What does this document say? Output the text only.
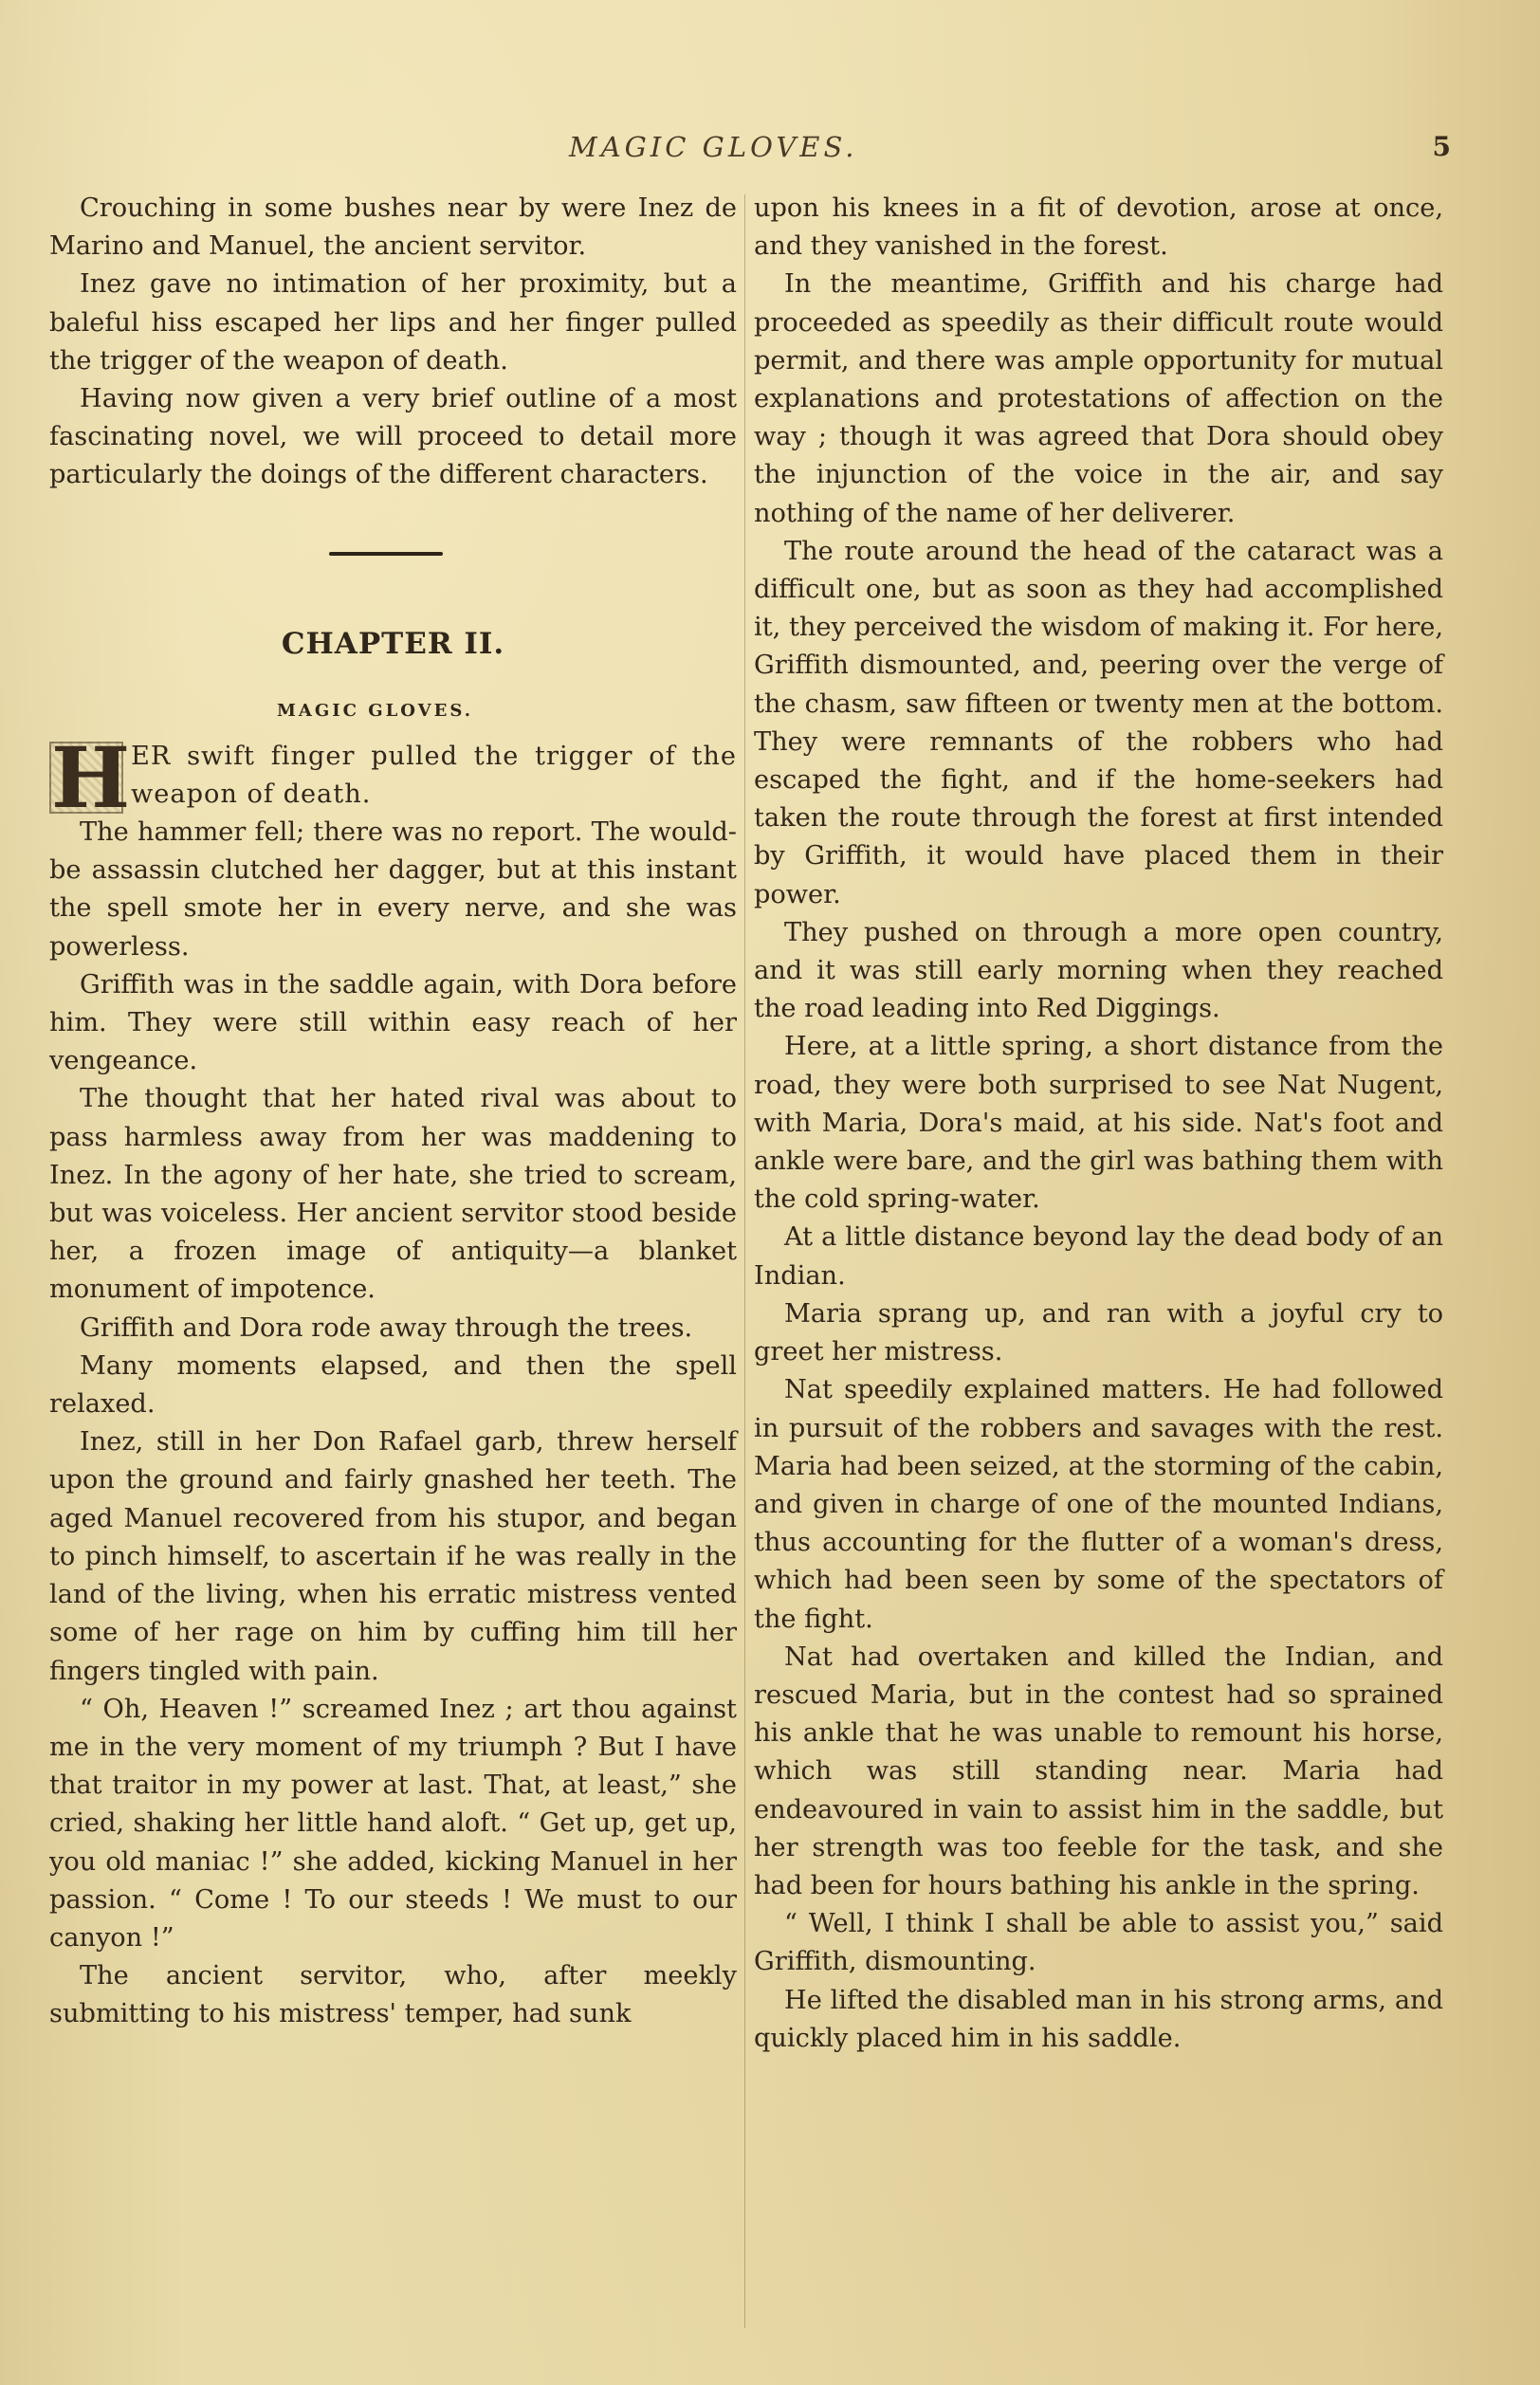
MAGIC GLOVES.	5

Crouching in some bushes near by were Inez de Marino and Manuel, the ancient servitor.

Inez gave no intimation of her proximity, but a baleful hiss escaped her lips and her finger pulled the trigger of the weapon of death.

Having now given a very brief outline of a most fascinating novel, we will proceed to detail more particularly the doings of the different characters.

CHAPTER II.
MAGIC GLOVES.

H ER swift finger pulled the trigger of the weapon of death.

The hammer fell; there was no report. The would-be assassin clutched her dagger, but at this instant the spell smote her in every nerve, and she was powerless.

Griffith was in the saddle again, with Dora before him. They were still within easy reach of her vengeance.

The thought that her hated rival was about to pass harmless away from her was maddening to Inez. In the agony of her hate, she tried to scream, but was voiceless. Her ancient servitor stood beside her, a frozen image of antiquity—a blanket monument of impotence.

Griffith and Dora rode away through the trees.

Many moments elapsed, and then the spell relaxed.

Inez, still in her Don Rafael garb, threw herself upon the ground and fairly gnashed her teeth. The aged Manuel recovered from his stupor, and began to pinch himself, to ascertain if he was really in the land of the living, when his erratic mistress vented some of her rage on him by cuffing him till her fingers tingled with pain.

“ Oh, Heaven !” screamed Inez ; art thou against me in the very moment of my triumph ? But I have that traitor in my power at last. That, at least,” she cried, shaking her little hand aloft. “ Get up, get up, you old maniac !” she added, kicking Manuel in her passion. “ Come ! To our steeds ! We must to our canyon !”

The ancient servitor, who, after meekly submitting to his mistress' temper, had sunk

upon his knees in a fit of devotion, arose at once, and they vanished in the forest.

In the meantime, Griffith and his charge had proceeded as speedily as their difficult route would permit, and there was ample opportunity for mutual explanations and protestations of affection on the way ; though it was agreed that Dora should obey the injunction of the voice in the air, and say nothing of the name of her deliverer.

The route around the head of the cataract was a difficult one, but as soon as they had accomplished it, they perceived the wisdom of making it. For here, Griffith dismounted, and, peering over the verge of the chasm, saw fifteen or twenty men at the bottom. They were remnants of the robbers who had escaped the fight, and if the home-seekers had taken the route through the forest at first intended by Griffith, it would have placed them in their power.

They pushed on through a more open country, and it was still early morning when they reached the road leading into Red Diggings.

Here, at a little spring, a short distance from the road, they were both surprised to see Nat Nugent, with Maria, Dora's maid, at his side. Nat's foot and ankle were bare, and the girl was bathing them with the cold spring-water.

At a little distance beyond lay the dead body of an Indian.

Maria sprang up, and ran with a joyful cry to greet her mistress.

Nat speedily explained matters. He had followed in pursuit of the robbers and savages with the rest. Maria had been seized, at the storming of the cabin, and given in charge of one of the mounted Indians, thus accounting for the flutter of a woman's dress, which had been seen by some of the spectators of the fight.

Nat had overtaken and killed the Indian, and rescued Maria, but in the contest had so sprained his ankle that he was unable to remount his horse, which was still standing near. Maria had endeavoured in vain to assist him in the saddle, but her strength was too feeble for the task, and she had been for hours bathing his ankle in the spring.

“ Well, I think I shall be able to assist you,” said Griffith, dismounting.

He lifted the disabled man in his strong arms, and quickly placed him in his saddle.
